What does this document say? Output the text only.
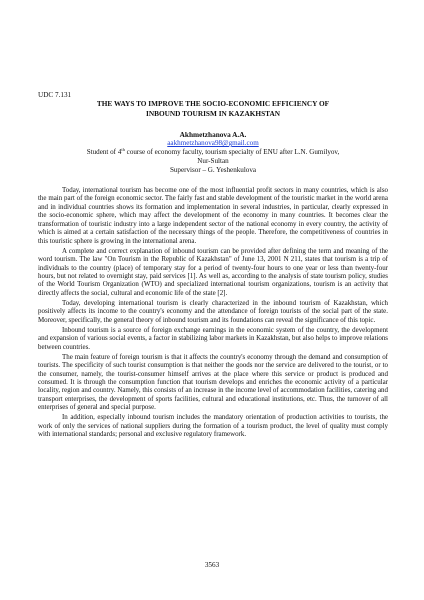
UDC 7.131
THE WAYS TO IMPROVE THE SOCIO-ECONOMIC EFFICIENCY OF
INBOUND TOURISM IN KAZAKHSTAN
Akhmetzhanova A.A.
aakhmetzhanova98@gmail.com
Student of 4th course of economy faculty, tourism specialty of ENU after L.N. Gumilyov,
Nur-Sultan
Supervisor – G. Yeshenkulova

Today, international tourism has become one of the most influential profit sectors in many countries, which is also the main part of the foreign economic sector. The fairly fast and stable development of the touristic market in the world arena and in individual countries shows its formation and implementation in several industries, in particular, clearly expressed in the socio-economic sphere, which may affect the development of the economy in many countries. It becomes clear the transformation of touristic industry into a large independent sector of the national economy in every country, the activity of which is aimed at a certain satisfaction of the necessary things of the people. Therefore, the competitiveness of countries in this touristic sphere is growing in the international arena.

A complete and correct explanation of inbound tourism can be provided after defining the term and meaning of the word tourism. The law "On Tourism in the Republic of Kazakhstan" of June 13, 2001 N 211, states that tourism is a trip of individuals to the country (place) of temporary stay for a period of twenty-four hours to one year or less than twenty-four hours, but not related to overnight stay, paid services [1]. As well as, according to the analysis of state tourism policy, studies of the World Tourism Organization (WTO) and specialized international tourism organizations, tourism is an activity that directly affects the social, cultural and economic life of the state [2].

Today, developing international tourism is clearly characterized in the inbound tourism of Kazakhstan, which positively affects its income to the country's economy and the attendance of foreign tourists of the social part of the state. Moreover, specifically, the general theory of inbound tourism and its foundations can reveal the significance of this topic.

Inbound tourism is a source of foreign exchange earnings in the economic system of the country, the development and expansion of various social events, a factor in stabilizing labor markets in Kazakhstan, but also helps to improve relations between countries.

The main feature of foreign tourism is that it affects the country's economy through the demand and consumption of tourists. The specificity of such tourist consumption is that neither the goods nor the service are delivered to the tourist, or to the consumer, namely, the tourist-consumer himself arrives at the place where this service or product is produced and consumed. It is through the consumption function that tourism develops and enriches the economic activity of a particular locality, region and country. Namely, this consists of an increase in the income level of accommodation facilities, catering and transport enterprises, the development of sports facilities, cultural and educational institutions, etc. Thus, the turnover of all enterprises of general and special purpose.

In addition, especially inbound tourism includes the mandatory orientation of production activities to tourists, the work of only the services of national suppliers during the formation of a tourism product, the level of quality must comply with international standards; personal and exclusive regulatory framework.

3563
